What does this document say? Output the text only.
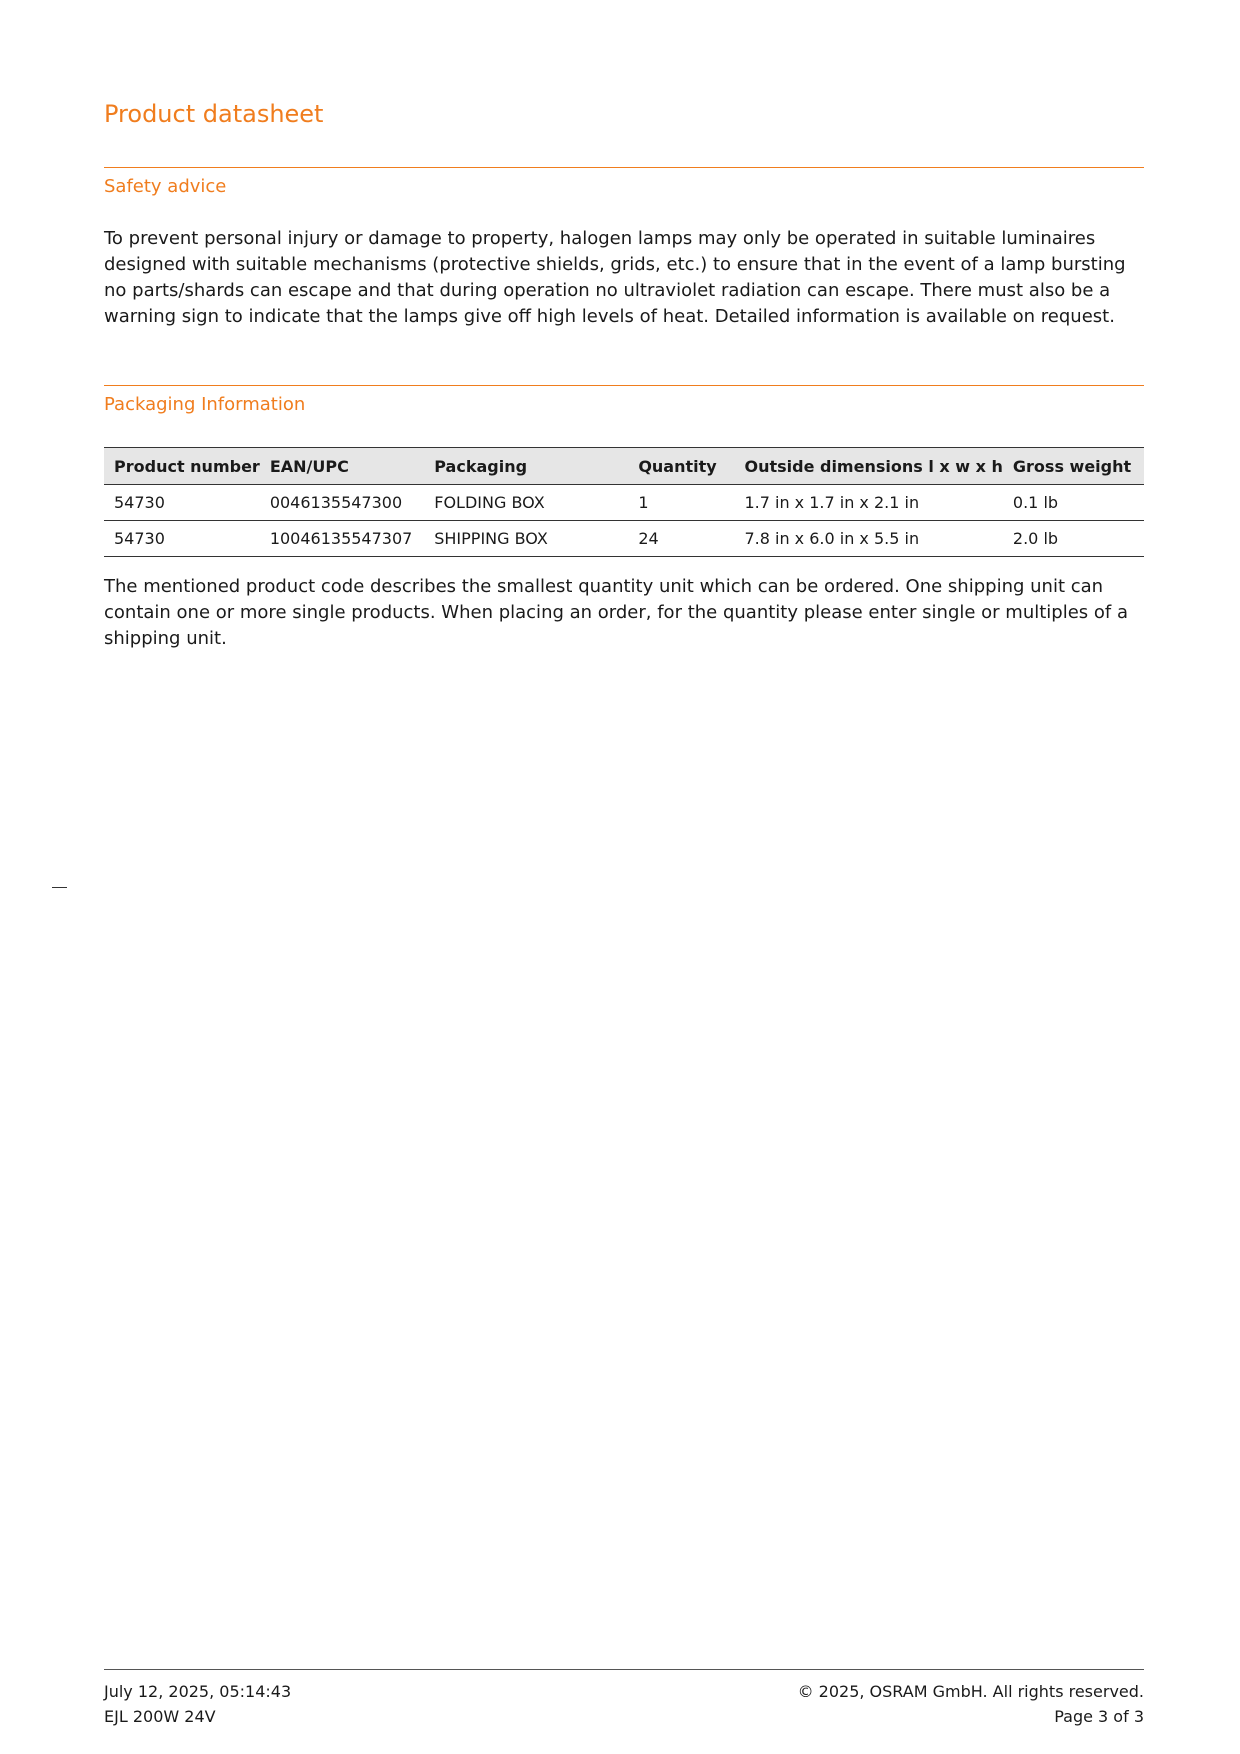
Product datasheet
Safety advice

To prevent personal injury or damage to property, halogen lamps may only be operated in suitable luminaires designed with suitable mechanisms (protective shields, grids, etc.) to ensure that in the event of a lamp bursting no parts/shards can escape and that during operation no ultraviolet radiation can escape. There must also be a warning sign to indicate that the lamps give off high levels of heat. Detailed information is available on request.

Packaging Information
Product number	EAN/UPC	Packaging	Quantity	Outside dimensions l x w x h	Gross weight
54730	0046135547300	FOLDING BOX	1	1.7 in x 1.7 in x 2.1 in	0.1 lb
54730	10046135547307	SHIPPING BOX	24	7.8 in x 6.0 in x 5.5 in	2.0 lb

The mentioned product code describes the smallest quantity unit which can be ordered. One shipping unit can contain one or more single products. When placing an order, for the quantity please enter single or multiples of a shipping unit.

July 12, 2025, 05:14:43
EJL 200W 24V
© 2025, OSRAM GmbH. All rights reserved.
Page 3 of 3
